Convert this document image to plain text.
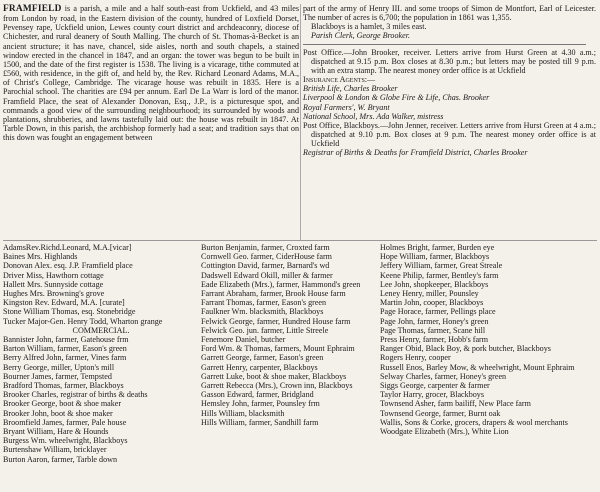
FRAMFIELD is a parish, a mile and a half south-east from Uckfield, and 43 miles from London by road, in the Eastern division of the county, hundred of Loxfield Dorset, Pevensey rape, Uckfield union, Lewes county court district and archdeaconry, diocese of Chichester, and rural deanery of South Malling. The church of St. Thomas-à-Becket is an ancient structure; it has nave, chancel, side aisles, north and south chapels, a stained window erected in the chancel in 1847, and an organ: the tower was begun to be built in 1500, and the date of the first register is 1538. The living is a vicarage, tithe commuted at £560, with residence, in the gift of, and held by, the Rev. Richard Leonard Adams, M.A., of Christ's College, Cambridge. The vicarage house was rebuilt in 1835. Here is a Parochial school. The charities are £94 per annum. Earl De La Warr is lord of the manor. Framfield Place, the seat of Alexander Donovan, Esq., J.P., is a picturesque spot, and commands a good view of the surrounding neighbourhood; its surrounded by woods and plantations, shrubberies, and lawns tastefully laid out: the house was rebuilt in 1847. At Tarble Down, in this parish, the archbishop formerly had a seat; and tradition says that on this down was fought an engagement between

part of the army of Henry III. and some troops of Simon de Montfort, Earl of Leicester. The number of acres is 6,700; the population in 1861 was 1,355.

Blackboys is a hamlet, 3 miles east.

Parish Clerk, George Brooker.

Post Office.—John Brooker, receiver. Letters arrive from Hurst Green at 4.30 a.m.; dispatched at 9.15 p.m. Box closes at 8.30 p.m.; but letters may be posted till 9 p.m. with an extra stamp. The nearest money order office is at Uckfield

Insurance Agents:—

British Life, Charles Brooker

Liverpool & London & Globe Fire & Life, Chas. Brooker

Royal Farmers', W. Bryant

National School, Mrs. Ada Walker, mistress

Post Office, Blackboys.—John Jenner, receiver. Letters arrive from Hurst Green at 4 a.m.; dispatched at 9.10 p.m. Box closes at 9 p.m. The nearest money order office is at Uckfield

Registrar of Births & Deaths for Framfield District, Charles Brooker

AdamsRev.Richd.Leonard, M.A.[vicar]

Baines Mrs. Highlands

Donovan Alex. esq. J.P. Framfield place

Driver Miss, Hawthorn cottage

Hallett Mrs. Sunnyside cottage

Hughes Mrs. Browning's grove

Kingston Rev. Edward, M.A. [curate]

Stone William Thomas, esq. Stonebridge

Tucker Major-Gen. Henry Todd, Wharton grange

COMMERCIAL.

Bannister John, farmer, Gatehouse frm

Barton William, farmer, Eason's green

Berry Alfred John, farmer, Vines farm

Berry George, miller, Upton's mill

Bourner James, farmer, Tempsted

Bradford Thomas, farmer, Blackboys

Brooker Charles, registrar of births & deaths

Brooker George, boot & shoe maker

Brooker John, boot & shoe maker

Broomfield James, farmer, Pale house

Bryant William, Hare & Hounds

Burgess Wm. wheelwright, Blackboys

Burtenshaw William, bricklayer

Burton Aaron, farmer, Tarble down

Burton Benjamin, farmer, Croxted farm

Cornwell Geo. farmer, CiderHouse farm

Cottington David, farmer, Barnard's wd

Dadswell Edward Okill, miller & farmer

Eade Elizabeth (Mrs.), farmer, Hammond's green

Farrant Abraham, farmer, Brook House farm

Farrant Thomas, farmer, Eason's green

Faulkner Wm. blacksmith, Blackboys

Felwick George, farmer, Hundred House farm

Felwick Geo. jun. farmer, Little Streele

Fenemore Daniel, butcher

Ford Wm. & Thomas, farmers, Mount Ephraim

Garrett George, farmer, Eason's green

Garrett Henry, carpenter, Blackboys

Garrett Luke, boot & shoe maker, Blackboys

Garrett Rebecca (Mrs.), Crown inn, Blackboys

Gasson Edward, farmer, Bridgland

Hemsley John, farmer, Pounsley frm

Hills William, blacksmith

Hills William, farmer, Sandhill farm

Holmes Bright, farmer, Burden eye

Hope William, farmer, Blackboys

Jeffery William, farmer, Great Streale

Keene Philip, farmer, Bentley's farm

Lee John, shopkeeper, Blackboys

Leney Henry, miller, Pounsley

Martin John, cooper, Blackboys

Page Horace, farmer, Pellings place

Page John, farmer, Honey's green

Page Thomas, farmer, Scane hill

Press Henry, farmer, Hobb's farm

Ranger Obid, Black Boy, & pork butcher, Blackboys

Rogers Henry, cooper

Russell Enos, Barley Mow, & wheelwright, Mount Ephraim

Selway Charles, farmer, Honey's green

Siggs George, carpenter & farmer

Taylor Harry, grocer, Blackboys

Townsend Asher, farm bailiff, New Place farm

Townsend George, farmer, Burnt oak

Wallis, Sons & Corke, grocers, drapers & wool merchants

Woodgate Elizabeth (Mrs.), White Lion
